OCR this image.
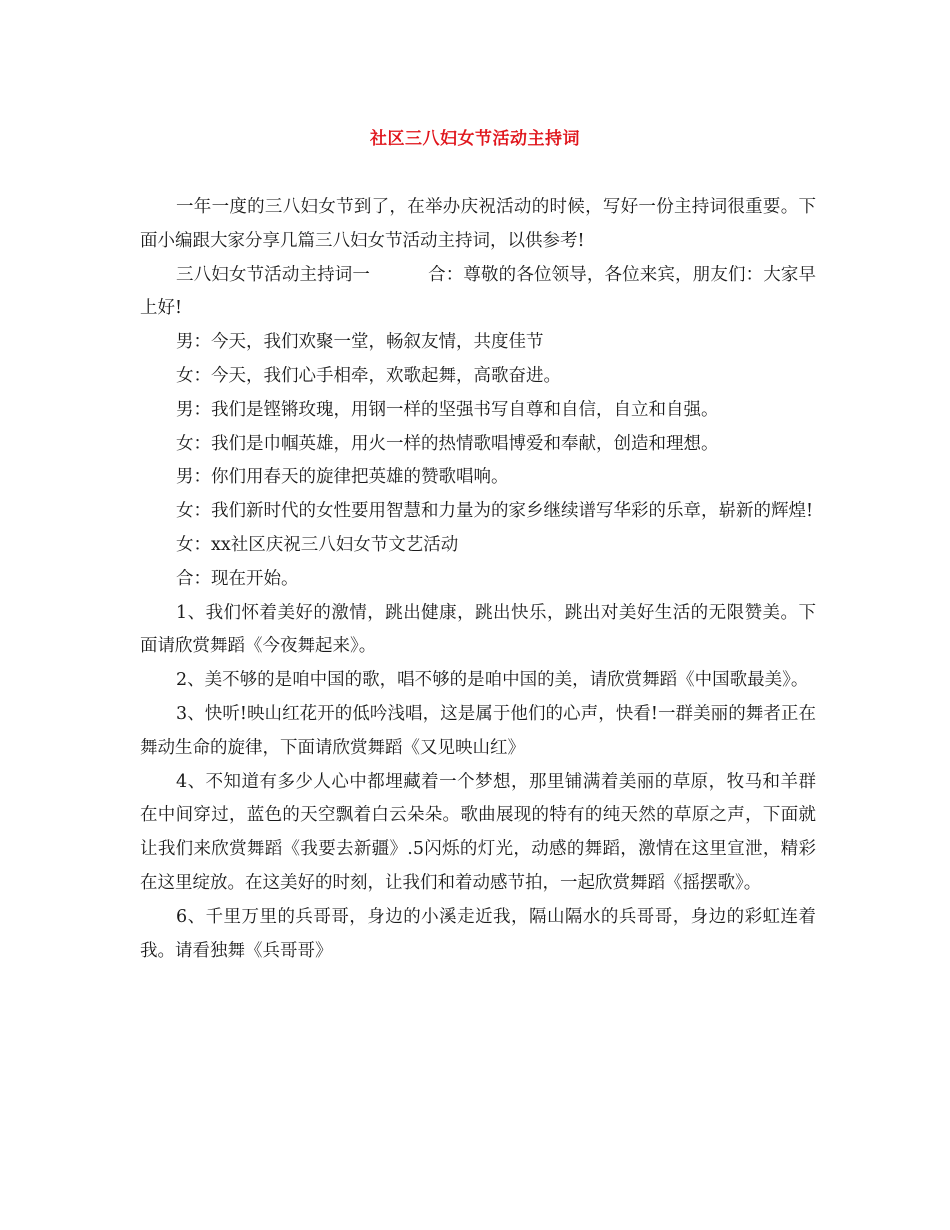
社区三八妇女节活动主持词

一年一度的三八妇女节到了，在举办庆祝活动的时候，写好一份主持词很重要。下面小编跟大家分享几篇三八妇女节活动主持词，以供参考!

三八妇女节活动主持词一	合：尊敬的各位领导，各位来宾，朋友们：大家早上好!

男：今天，我们欢聚一堂，畅叙友情，共度佳节

女：今天，我们心手相牵，欢歌起舞，高歌奋进。

男：我们是铿锵玫瑰，用钢一样的坚强书写自尊和自信，自立和自强。

女：我们是巾帼英雄，用火一样的热情歌唱博爱和奉献，创造和理想。

男：你们用春天的旋律把英雄的赞歌唱响。

女：我们新时代的女性要用智慧和力量为的家乡继续谱写华彩的乐章，崭新的辉煌!

女：xx社区庆祝三八妇女节文艺活动

合：现在开始。

1、我们怀着美好的激情，跳出健康，跳出快乐，跳出对美好生活的无限赞美。下面请欣赏舞蹈《今夜舞起来》。

2、美不够的是咱中国的歌，唱不够的是咱中国的美，请欣赏舞蹈《中国歌最美》。

3、快听!映山红花开的低吟浅唱，这是属于他们的心声，快看!一群美丽的舞者正在舞动生命的旋律，下面请欣赏舞蹈《又见映山红》

4、不知道有多少人心中都埋藏着一个梦想，那里铺满着美丽的草原，牧马和羊群在中间穿过，蓝色的天空飘着白云朵朵。歌曲展现的特有的纯天然的草原之声，下面就让我们来欣赏舞蹈《我要去新疆》.5闪烁的灯光，动感的舞蹈，激情在这里宣泄，精彩在这里绽放。在这美好的时刻，让我们和着动感节拍，一起欣赏舞蹈《摇摆歌》。

6、千里万里的兵哥哥，身边的小溪走近我，隔山隔水的兵哥哥，身边的彩虹连着我。请看独舞《兵哥哥》
